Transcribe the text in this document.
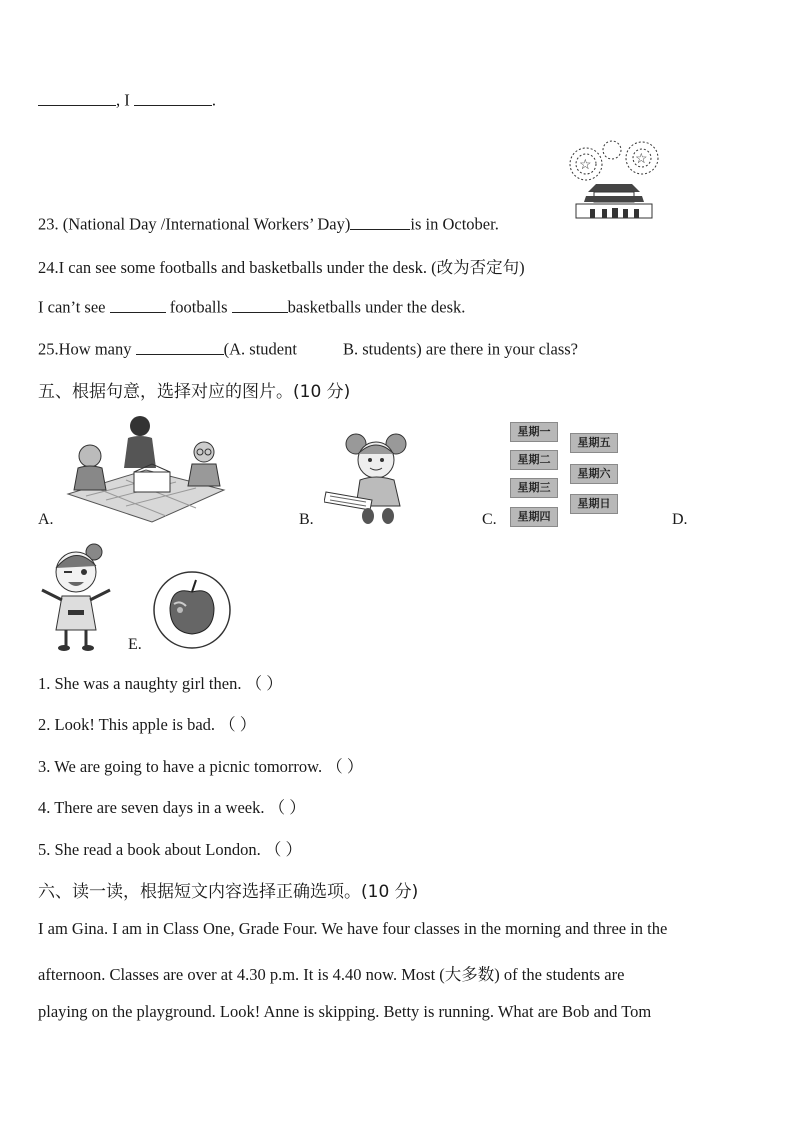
, I	.
☆	☆
23. (National Day /International Workers’ Day)	is in October.
24.I can see some footballs and basketballs under the desk. (改为否定句)
I can’t see	footballs	basketballs under the desk.
25.How many	(A. student	B. students) are there in your class?
五、根据句意，选择对应的图片。(10 分)
A.	B.
星期一
星期二
星期三
星期四
星期五
星期六
星期日
C.	D.
E.
1. She was a naughty girl then. （ ）
2. Look! This apple is bad. （ ）
3. We are going to have a picnic tomorrow. （ ）
4. There are seven days in a week. （ ）
5. She read a book about London. （ ）
六、读一读，根据短文内容选择正确选项。(10 分)
I am Gina. I am in Class One, Grade Four. We have four classes in the morning and three in the
afternoon. Classes are over at 4.30 p.m. It is 4.40 now. Most (大多数) of the students are
playing on the playground. Look! Anne is skipping. Betty is running. What are Bob and Tom
